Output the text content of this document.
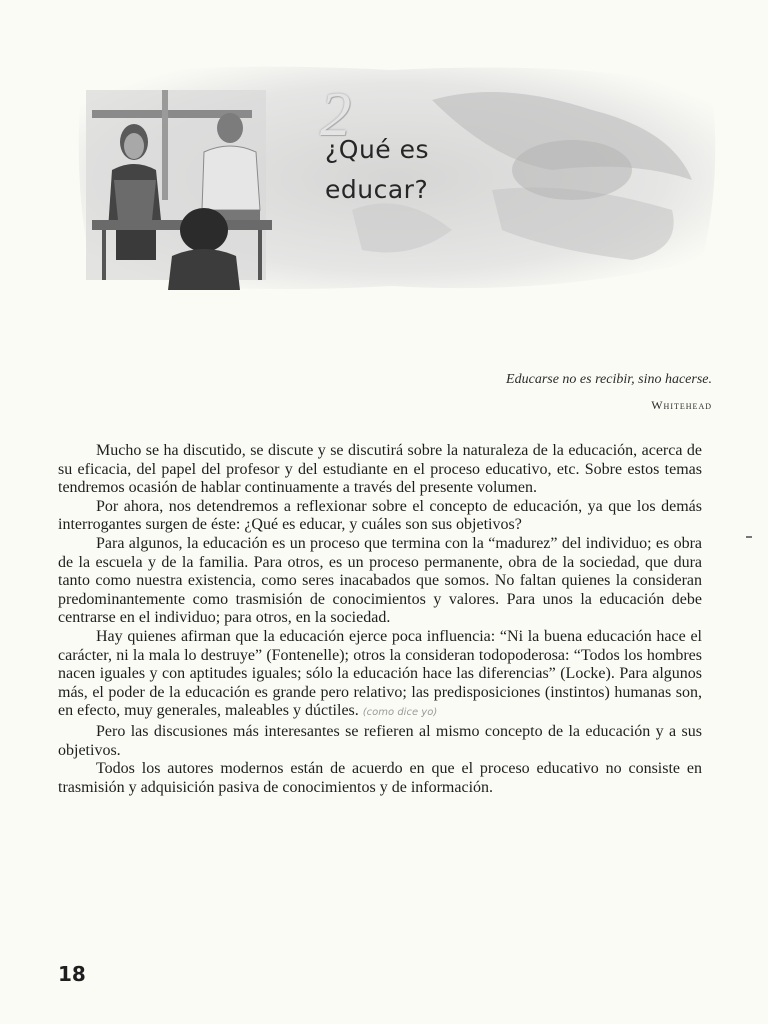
2
¿Qué es
educar?
Educarse no es recibir, sino hacerse.
Whitehead

Mucho se ha discutido, se discute y se discutirá sobre la naturaleza de la educación, acerca de su eficacia, del papel del profesor y del estudiante en el proceso educativo, etc. Sobre estos temas tendremos ocasión de hablar continuamente a través del presente volumen.

Por ahora, nos detendremos a reflexionar sobre el concepto de educación, ya que los demás interrogantes surgen de éste: ¿Qué es educar, y cuáles son sus objetivos?

Para algunos, la educación es un proceso que termina con la “madurez” del individuo; es obra de la escuela y de la familia. Para otros, es un proceso permanente, obra de la sociedad, que dura tanto como nuestra existencia, como seres inacabados que somos. No faltan quienes la consideran predominantemente como trasmisión de conocimientos y valores. Para unos la educación debe centrarse en el individuo; para otros, en la sociedad.

Hay quienes afirman que la educación ejerce poca influencia: “Ni la buena educación hace el carácter, ni la mala lo destruye” (Fontenelle); otros la consideran todopoderosa: “Todos los hombres nacen iguales y con aptitudes iguales; sólo la educación hace las diferencias” (Locke). Para algunos más, el poder de la educación es grande pero relativo; las predisposiciones (instintos) humanas son, en efecto, muy generales, maleables y dúctiles. (como dice yo)

Pero las discusiones más interesantes se refieren al mismo concepto de la educación y a sus objetivos.

Todos los autores modernos están de acuerdo en que el proceso educativo no consiste en trasmisión y adquisición pasiva de conocimientos y de información.

18
